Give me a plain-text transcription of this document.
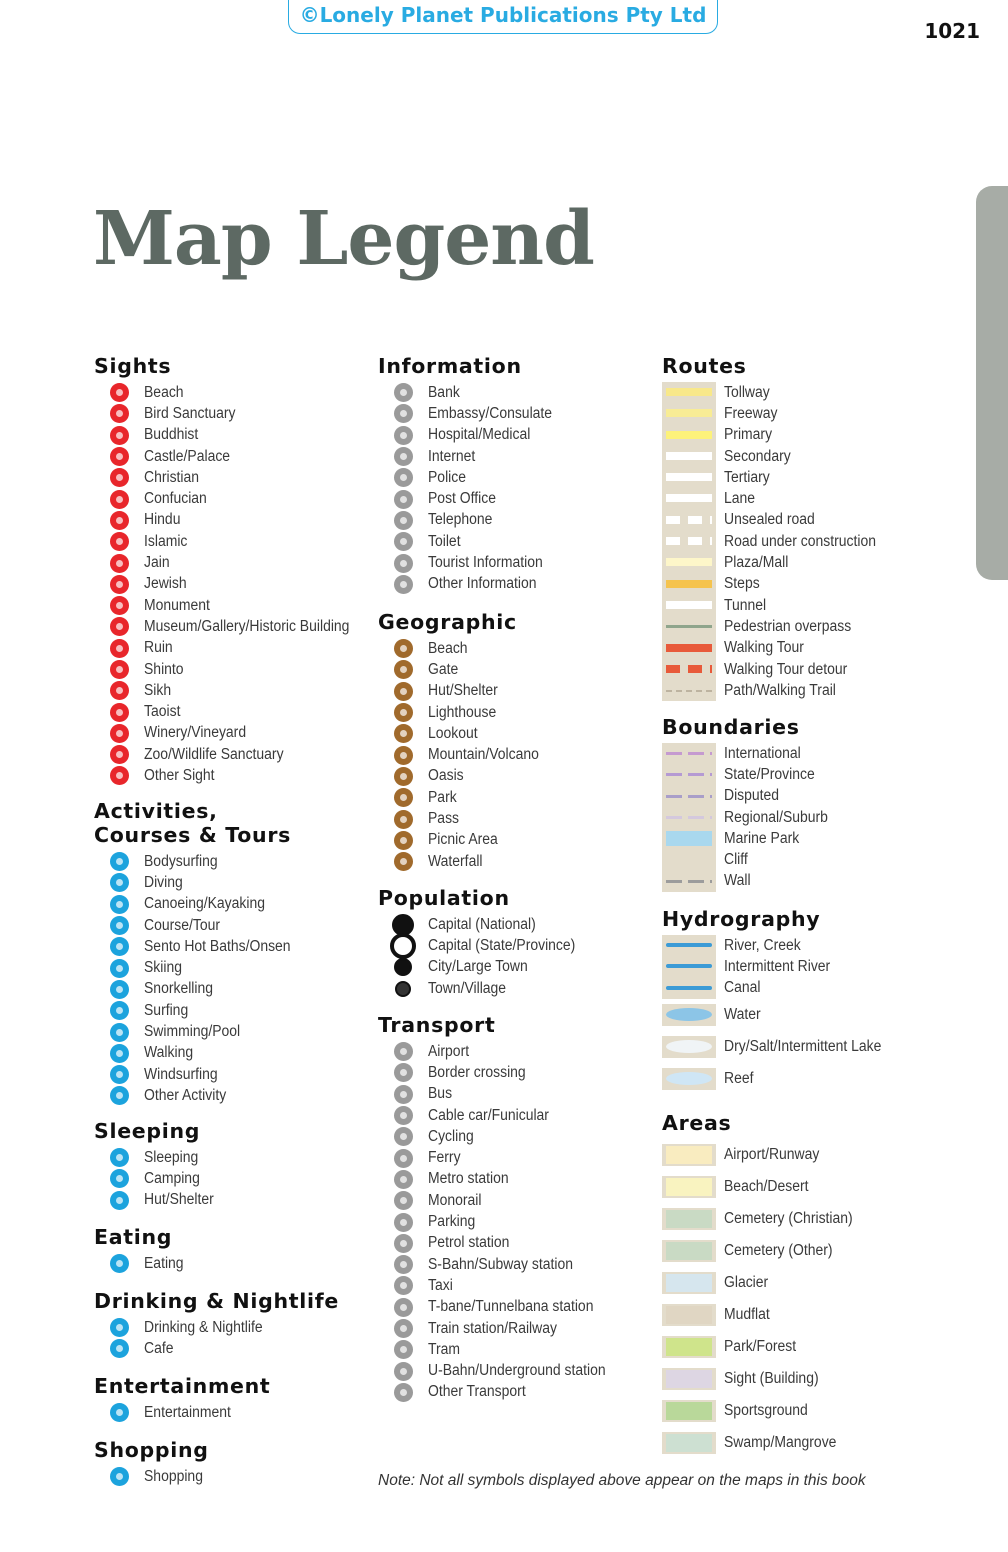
©Lonely Planet Publications Pty Ltd
1021
Map Legend
Sights
Beach
Bird Sanctuary
Buddhist
Castle/Palace
Christian
Confucian
Hindu
Islamic
Jain
Jewish
Monument
Museum/Gallery/Historic Building
Ruin
Shinto
Sikh
Taoist
Winery/Vineyard
Zoo/Wildlife Sanctuary
Other Sight
Activities,
Courses & Tours
Bodysurfing
Diving
Canoeing/Kayaking
Course/Tour
Sento Hot Baths/Onsen
Skiing
Snorkelling
Surfing
Swimming/Pool
Walking
Windsurfing
Other Activity
Sleeping
Sleeping
Camping
Hut/Shelter
Eating
Eating
Drinking & Nightlife
Drinking & Nightlife
Cafe
Entertainment
Entertainment
Shopping
Shopping
Information
Bank
Embassy/Consulate
Hospital/Medical
Internet
Police
Post Office
Telephone
Toilet
Tourist Information
Other Information
Geographic
Beach
Gate
Hut/Shelter
Lighthouse
Lookout
Mountain/Volcano
Oasis
Park
Pass
Picnic Area
Waterfall
Population
Capital (National)
Capital (State/Province)
City/Large Town
Town/Village
Transport
Airport
Border crossing
Bus
Cable car/Funicular
Cycling
Ferry
Metro station
Monorail
Parking
Petrol station
S-Bahn/Subway station
Taxi
T-bane/Tunnelbana station
Train station/Railway
Tram
U-Bahn/Underground station
Other Transport
Routes
Tollway
Freeway
Primary
Secondary
Tertiary
Lane
Unsealed road
Road under construction
Plaza/Mall
Steps
Tunnel
Pedestrian overpass
Walking Tour
Walking Tour detour
Path/Walking Trail
Boundaries
International
State/Province
Disputed
Regional/Suburb
Marine Park
Cliff
Wall
Hydrography
River, Creek
Intermittent River
Canal
Water
Dry/Salt/Intermittent Lake
Reef
Areas
Airport/Runway
Beach/Desert
Cemetery (Christian)
Cemetery (Other)
Glacier
Mudflat
Park/Forest
Sight (Building)
Sportsground
Swamp/Mangrove

Note: Not all symbols displayed above appear on the maps in this book
